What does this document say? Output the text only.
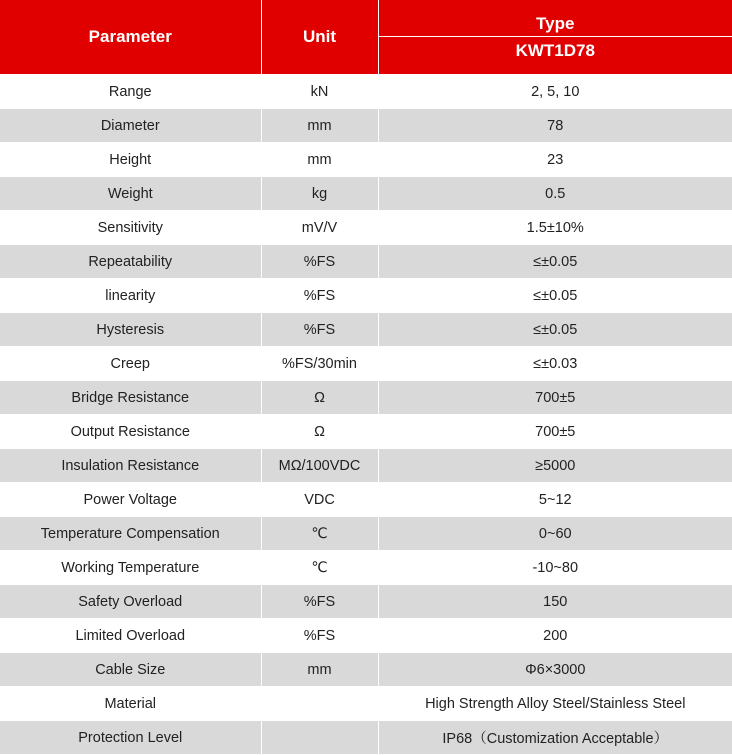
Parameter	Unit	Type
		KWT1D78
Range	kN	2, 5, 10
Diameter	mm	78
Height	mm	23
Weight	kg	0.5
Sensitivity	mV/V	1.5±10%
Repeatability	%FS	≤±0.05
linearity	%FS	≤±0.05
Hysteresis	%FS	≤±0.05
Creep	%FS/30min	≤±0.03
Bridge Resistance	Ω	700±5
Output Resistance	Ω	700±5
Insulation Resistance	MΩ/100VDC	≥5000
Power Voltage	VDC	5~12
Temperature Compensation	℃	0~60
Working Temperature	℃	-10~80
Safety Overload	%FS	150
Limited Overload	%FS	200
Cable Size	mm	Φ6×3000
Material		High Strength Alloy Steel/Stainless Steel
Protection Level		IP68（Customization Acceptable）
